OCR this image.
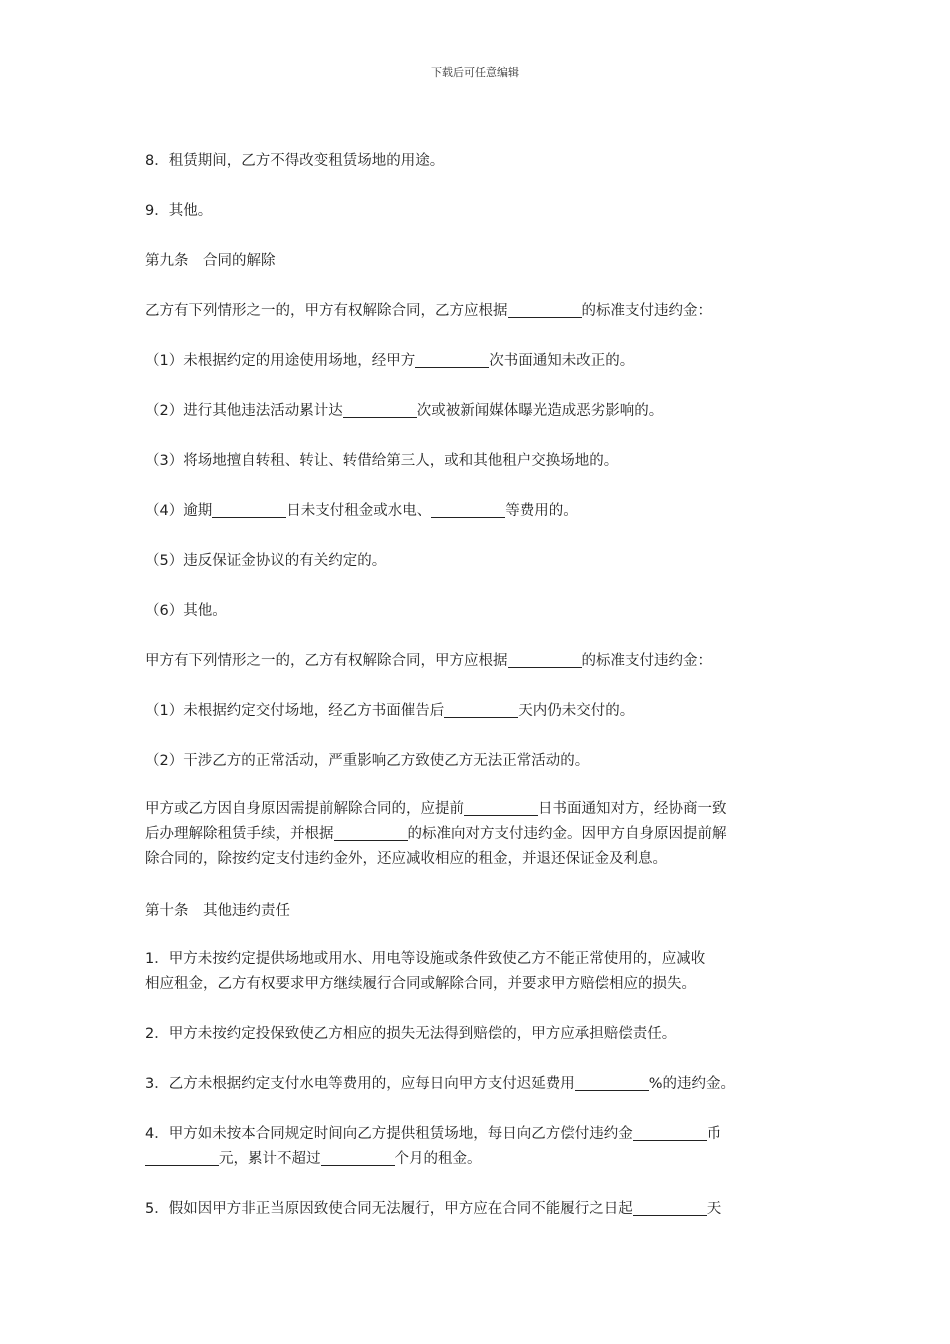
下载后可任意编辑
8．租赁期间，乙方不得改变租赁场地的用途。
9．其他。
第九条　合同的解除
乙方有下列情形之一的，甲方有权解除合同，乙方应根据	的标准支付违约金：
（1）未根据约定的用途使用场地，经甲方	次书面通知未改正的。
（2）进行其他违法活动累计达	次或被新闻媒体曝光造成恶劣影响的。
（3）将场地擅自转租、转让、转借给第三人，或和其他租户交换场地的。
（4）逾期	日未支付租金或水电、	等费用的。
（5）违反保证金协议的有关约定的。
（6）其他。
甲方有下列情形之一的，乙方有权解除合同，甲方应根据	的标准支付违约金：
（1）未根据约定交付场地，经乙方书面催告后	天内仍未交付的。
（2）干涉乙方的正常活动，严重影响乙方致使乙方无法正常活动的。
甲方或乙方因自身原因需提前解除合同的，应提前	日书面通知对方，经协商一致
后办理解除租赁手续，并根据	的标准向对方支付违约金。因甲方自身原因提前解
除合同的，除按约定支付违约金外，还应减收相应的租金，并退还保证金及利息。
第十条　其他违约责任
1．甲方未按约定提供场地或用水、用电等设施或条件致使乙方不能正常使用的，应减收
相应租金，乙方有权要求甲方继续履行合同或解除合同，并要求甲方赔偿相应的损失。
2．甲方未按约定投保致使乙方相应的损失无法得到赔偿的，甲方应承担赔偿责任。
3．乙方未根据约定支付水电等费用的，应每日向甲方支付迟延费用	%的违约金。
4．甲方如未按本合同规定时间向乙方提供租赁场地，每日向乙方偿付违约金	币
元，累计不超过	个月的租金。
5．假如因甲方非正当原因致使合同无法履行，甲方应在合同不能履行之日起	天
